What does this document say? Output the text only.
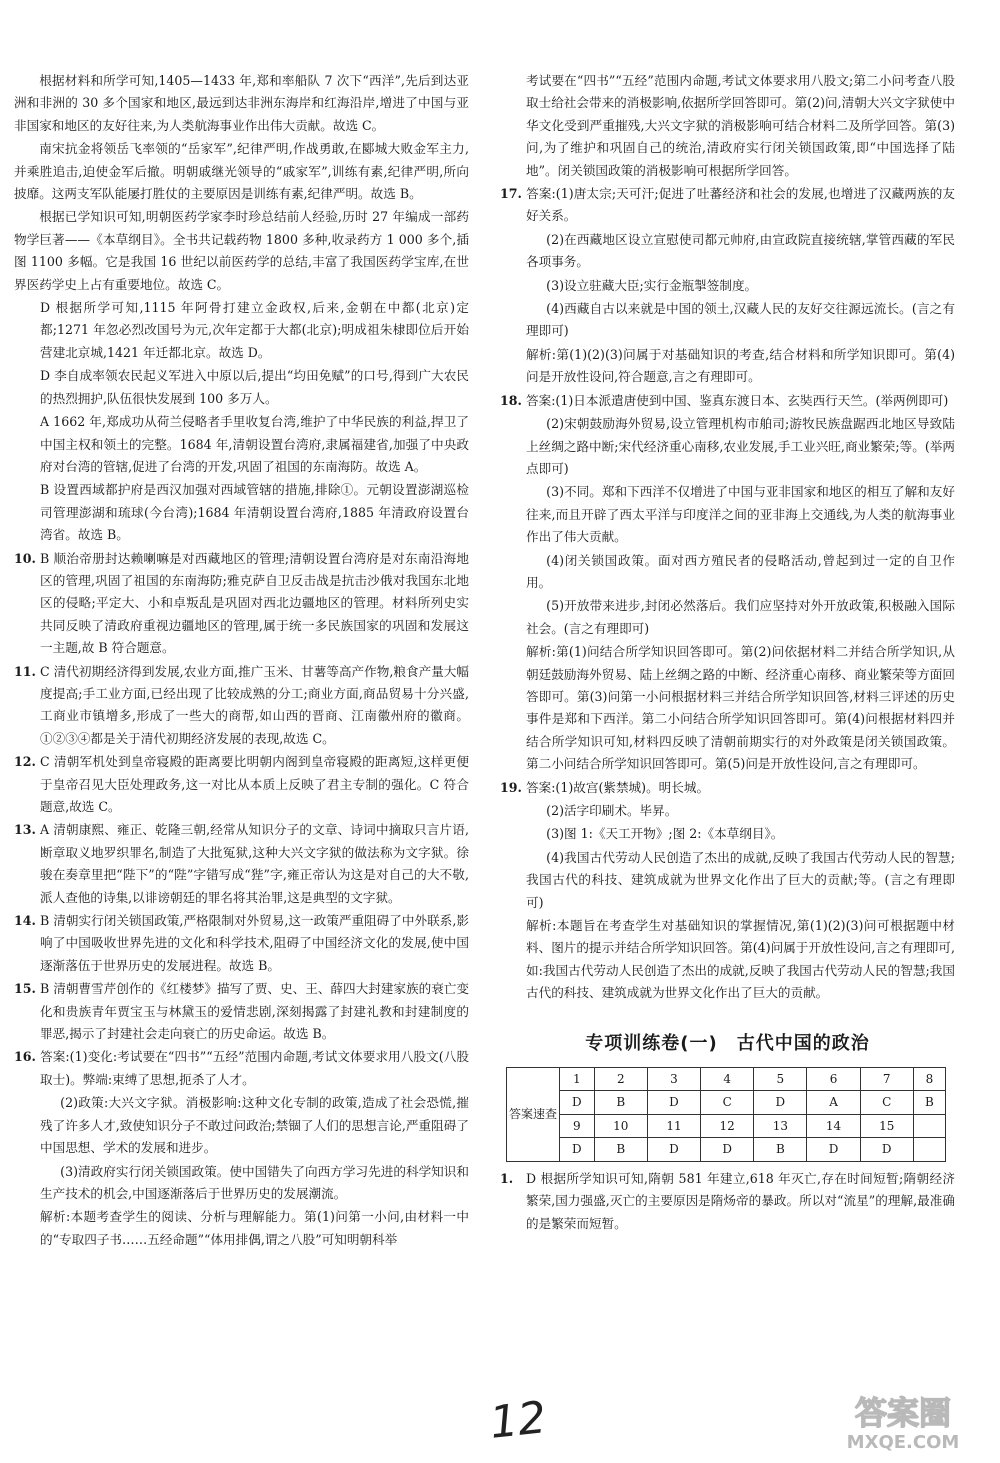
根据材料和所学可知,1405—1433 年,郑和率船队 7 次下“西洋”,先后到达亚洲和非洲的 30 多个国家和地区,最远到达非洲东海岸和红海沿岸,增进了中国与亚非国家和地区的友好往来,为人类航海事业作出伟大贡献。故选 C。
南宋抗金将领岳飞率领的“岳家军”,纪律严明,作战勇敢,在郾城大败金军主力,并乘胜追击,迫使金军后撤。明朝戚继光领导的“戚家军”,训练有素,纪律严明,所向披靡。这两支军队能屡打胜仗的主要原因是训练有素,纪律严明。故选 B。
根据已学知识可知,明朝医药学家李时珍总结前人经验,历时 27 年编成一部药物学巨著——《本草纲目》。全书共记载药物 1800 多种,收录药方 1 000 多个,插图 1100 多幅。它是我国 16 世纪以前医药学的总结,丰富了我国医药学宝库,在世界医药学史上占有重要地位。故选 C。
D 根据所学可知,1115 年阿骨打建立金政权,后来,金朝在中都(北京)定都;1271 年忽必烈改国号为元,次年定都于大都(北京);明成祖朱棣即位后开始营建北京城,1421 年迁都北京。故选 D。
D 李自成率领农民起义军进入中原以后,提出“均田免赋”的口号,得到广大农民的热烈拥护,队伍很快发展到 100 多万人。
A 1662 年,郑成功从荷兰侵略者手里收复台湾,维护了中华民族的利益,捍卫了中国主权和领土的完整。1684 年,清朝设置台湾府,隶属福建省,加强了中央政府对台湾的管辖,促进了台湾的开发,巩固了祖国的东南海防。故选 A。
B 设置西域都护府是西汉加强对西域管辖的措施,排除①。元朝设置澎湖巡检司管理澎湖和琉球(今台湾);1684 年清朝设置台湾府,1885 年清政府设置台湾省。故选 B。
10. B 顺治帝册封达赖喇嘛是对西藏地区的管理;清朝设置台湾府是对东南沿海地区的管理,巩固了祖国的东南海防;雅克萨自卫反击战是抗击沙俄对我国东北地区的侵略;平定大、小和卓叛乱是巩固对西北边疆地区的管理。材料所列史实共同反映了清政府重视边疆地区的管理,属于统一多民族国家的巩固和发展这一主题,故 B 符合题意。
11. C 清代初期经济得到发展,农业方面,推广玉米、甘薯等高产作物,粮食产量大幅度提高;手工业方面,已经出现了比较成熟的分工;商业方面,商品贸易十分兴盛,工商业市镇增多,形成了一些大的商帮,如山西的晋商、江南徽州府的徽商。①②③④都是关于清代初期经济发展的表现,故选 C。
12. C 清朝军机处到皇帝寝殿的距离要比明朝内阁到皇帝寝殿的距离短,这样更便于皇帝召见大臣处理政务,这一对比从本质上反映了君主专制的强化。C 符合题意,故选 C。
13. A 清朝康熙、雍正、乾隆三朝,经常从知识分子的文章、诗词中摘取只言片语,断章取义地罗织罪名,制造了大批冤狱,这种大兴文字狱的做法称为文字狱。徐骏在奏章里把“陛下”的“陛”字错写成“狴”字,雍正帝认为这是对自己的大不敬,派人查他的诗集,以诽谤朝廷的罪名将其治罪,这是典型的文字狱。
14. B 清朝实行闭关锁国政策,严格限制对外贸易,这一政策严重阻碍了中外联系,影响了中国吸收世界先进的文化和科学技术,阻碍了中国经济文化的发展,使中国逐渐落伍于世界历史的发展进程。故选 B。
15. B 清朝曹雪芹创作的《红楼梦》描写了贾、史、王、薛四大封建家族的衰亡变化和贵族青年贾宝玉与林黛玉的爱情悲剧,深刻揭露了封建礼教和封建制度的罪恶,揭示了封建社会走向衰亡的历史命运。故选 B。
16. 答案:(1)变化:考试要在“四书”“五经”范围内命题,考试文体要求用八股文(八股取士)。弊端:束缚了思想,扼杀了人才。
(2)政策:大兴文字狱。消极影响:这种文化专制的政策,造成了社会恐慌,摧残了许多人才,致使知识分子不敢过问政治;禁锢了人们的思想言论,严重阻碍了中国思想、学术的发展和进步。
(3)清政府实行闭关锁国政策。使中国错失了向西方学习先进的科学知识和生产技术的机会,中国逐渐落后于世界历史的发展潮流。
解析:本题考查学生的阅读、分析与理解能力。第(1)问第一小问,由材料一中的“专取四子书……五经命题”“体用排偶,谓之八股”可知明朝科举
考试要在“四书”“五经”范围内命题,考试文体要求用八股文;第二小问考查八股取士给社会带来的消极影响,依据所学回答即可。第(2)问,清朝大兴文字狱使中华文化受到严重摧残,大兴文字狱的消极影响可结合材料二及所学回答。第(3)问,为了维护和巩固自己的统治,清政府实行闭关锁国政策,即“中国选择了陆地”。闭关锁国政策的消极影响可根据所学回答。
17. 答案:(1)唐太宗;天可汗;促进了吐蕃经济和社会的发展,也增进了汉藏两族的友好关系。
(2)在西藏地区设立宣慰使司都元帅府,由宣政院直接统辖,掌管西藏的军民各项事务。
(3)设立驻藏大臣;实行金瓶掣签制度。
(4)西藏自古以来就是中国的领土,汉藏人民的友好交往源远流长。(言之有理即可)
解析:第(1)(2)(3)问属于对基础知识的考查,结合材料和所学知识即可。第(4)问是开放性设问,符合题意,言之有理即可。
18. 答案:(1)日本派遣唐使到中国、鉴真东渡日本、玄奘西行天竺。(举两例即可)
(2)宋朝鼓励海外贸易,设立管理机构市舶司;游牧民族盘踞西北地区导致陆上丝绸之路中断;宋代经济重心南移,农业发展,手工业兴旺,商业繁荣;等。(举两点即可)
(3)不同。郑和下西洋不仅增进了中国与亚非国家和地区的相互了解和友好往来,而且开辟了西太平洋与印度洋之间的亚非海上交通线,为人类的航海事业作出了伟大贡献。
(4)闭关锁国政策。面对西方殖民者的侵略活动,曾起到过一定的自卫作用。
(5)开放带来进步,封闭必然落后。我们应坚持对外开放政策,积极融入国际社会。(言之有理即可)
解析:第(1)问结合所学知识回答即可。第(2)问依据材料二并结合所学知识,从朝廷鼓励海外贸易、陆上丝绸之路的中断、经济重心南移、商业繁荣等方面回答即可。第(3)问第一小问根据材料三并结合所学知识回答,材料三评述的历史事件是郑和下西洋。第二小问结合所学知识回答即可。第(4)问根据材料四并结合所学知识可知,材料四反映了清朝前期实行的对外政策是闭关锁国政策。第二小问结合所学知识回答即可。第(5)问是开放性设问,言之有理即可。
19. 答案:(1)故宫(紫禁城)。明长城。
(2)活字印刷术。毕昇。
(3)图 1:《天工开物》;图 2:《本草纲目》。
(4)我国古代劳动人民创造了杰出的成就,反映了我国古代劳动人民的智慧;我国古代的科技、建筑成就为世界文化作出了巨大的贡献;等。(言之有理即可)
解析:本题旨在考查学生对基础知识的掌握情况,第(1)(2)(3)问可根据题中材料、图片的提示并结合所学知识回答。第(4)问属于开放性设问,言之有理即可,如:我国古代劳动人民创造了杰出的成就,反映了我国古代劳动人民的智慧;我国古代的科技、建筑成就为世界文化作出了巨大的贡献。
专项训练卷(一)　古代中国的政治
答案速查	1	2	3	4	5	6	7	8
	D	B	D	C	D	A	C	B
	9	10	11	12	13	14	15	
	D	B	D	D	B	D	D	
1. D 根据所学知识可知,隋朝 581 年建立,618 年灭亡,存在时间短暂;隋朝经济繁荣,国力强盛,灭亡的主要原因是隋炀帝的暴政。所以对“流星”的理解,最准确的是繁荣而短暂。
12	答案圈
MXQE.COM
